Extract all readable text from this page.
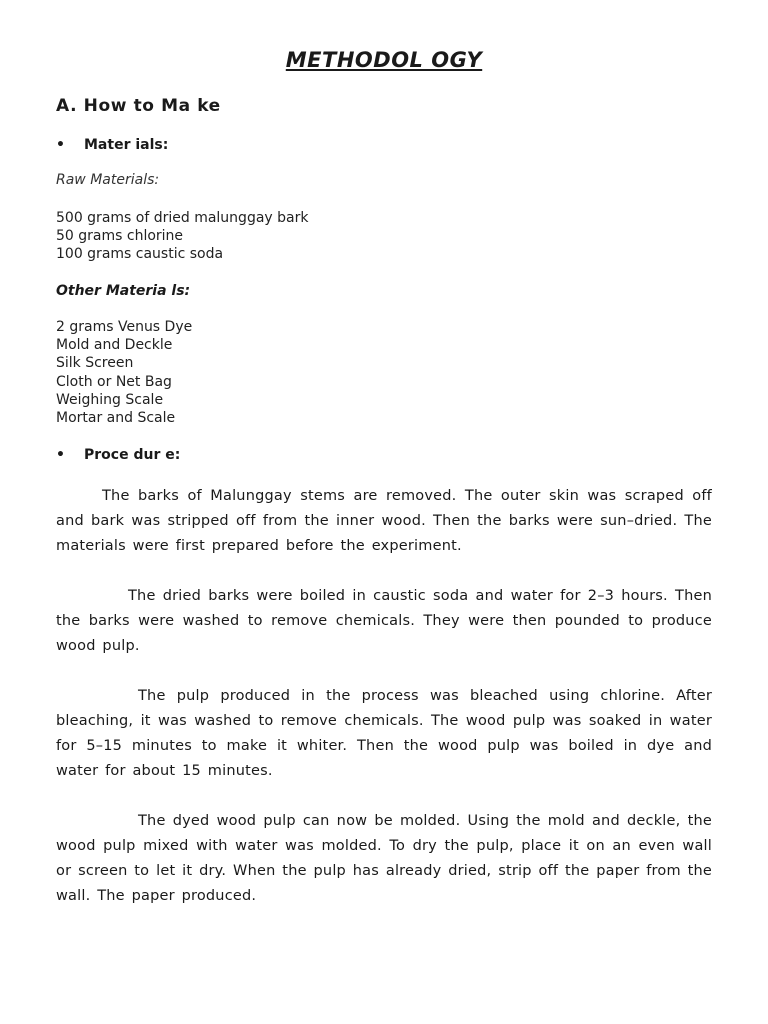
METHODOL OGY
A. How to Ma ke
• Mater ials:
Raw Materials:
500 grams of dried malunggay bark
50 grams chlorine
100 grams caustic soda
Other Materia ls:
2 grams Venus Dye
Mold and Deckle
Silk Screen
Cloth or Net Bag
Weighing Scale
Mortar and Scale
• Proce dur e:

The barks of Malunggay stems are removed. The outer skin was scraped off and bark was stripped off from the inner wood. Then the barks were sun–dried. The materials were first prepared before the experiment.

The dried barks were boiled in caustic soda and water for 2–3 hours. Then the barks were washed to remove chemicals. They were then pounded to produce wood pulp.

The pulp produced in the process was bleached using chlorine. After bleaching, it was washed to remove chemicals. The wood pulp was soaked in water for 5–15 minutes to make it whiter. Then the wood pulp was boiled in dye and water for about 15 minutes.

The dyed wood pulp can now be molded. Using the mold and deckle, the wood pulp mixed with water was molded. To dry the pulp, place it on an even wall or screen to let it dry. When the pulp has already dried, strip off the paper from the wall. The paper produced.
